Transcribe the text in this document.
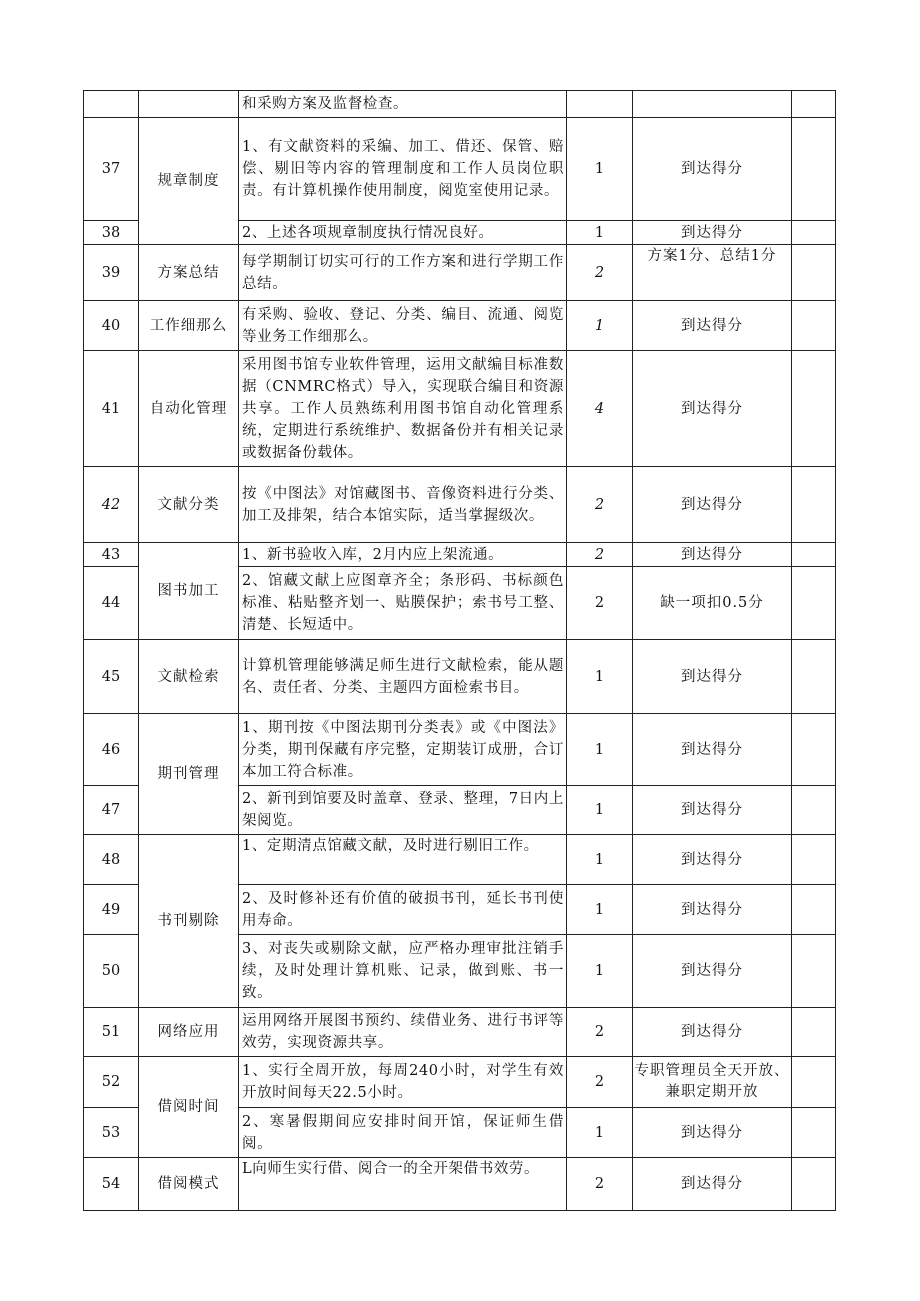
		和采购方案及监督检查。			
37	规章制度	1、有文献资料的采编、加工、借还、保管、赔偿、剔旧等内容的管理制度和工作人员岗位职责。有计算机操作使用制度，阅览室使用记录。	1	到达得分	
38		2、上述各项规章制度执行情况良好。	1	到达得分	
39	方案总结	每学期制订切实可行的工作方案和进行学期工作总结。	2	方案1分、总结1分	
40	工作细那么	有采购、验收、登记、分类、编目、流通、阅览等业务工作细那么。	1	到达得分	
41	自动化管理	采用图书馆专业软件管理，运用文献编目标准数据（CNMRC格式）导入，实现联合编目和资源共享。工作人员熟练利用图书馆自动化管理系统，定期进行系统维护、数据备份并有相关记录或数据备份载体。	4	到达得分	
42	文献分类	按《中图法》对馆藏图书、音像资料进行分类、加工及排架，结合本馆实际，适当掌握级次。	2	到达得分	
43	图书加工	1、新书验收入库，2月内应上架流通。	2	到达得分	
44		2、馆藏文献上应图章齐全；条形码、书标颜色标准、粘贴整齐划一、贴膜保护；索书号工整、清楚、长短适中。	2	缺一项扣0.5分	
45	文献检索	计算机管理能够满足师生进行文献检索，能从题名、责任者、分类、主题四方面检索书目。	1	到达得分	
46	期刊管理	1、期刊按《中图法期刊分类表》或《中图法》分类，期刊保藏有序完整，定期装订成册，合订本加工符合标准。	1	到达得分	
47		2、新刊到馆要及时盖章、登录、整理，7日内上架阅览。	1	到达得分	
48	书刊剔除	1、定期清点馆藏文献，及时进行剔旧工作。	1	到达得分	
49		2、及时修补还有价值的破损书刊，延长书刊使用寿命。	1	到达得分	
50		3、对丧失或剔除文献，应严格办理审批注销手续，及时处理计算机账、记录，做到账、书一致。	1	到达得分	
51	网络应用	运用网络开展图书预约、续借业务、进行书评等效劳，实现资源共享。	2	到达得分	
52	借阅时间	1、实行全周开放，每周240小时，对学生有效开放时间每天22.5小时。	2	专职管理员全天开放、兼职定期开放	
53		2、寒暑假期间应安排时间开馆，保证师生借阅。	1	到达得分	
54	借阅模式	L向师生实行借、阅合一的全开架借书效劳。	2	到达得分	
